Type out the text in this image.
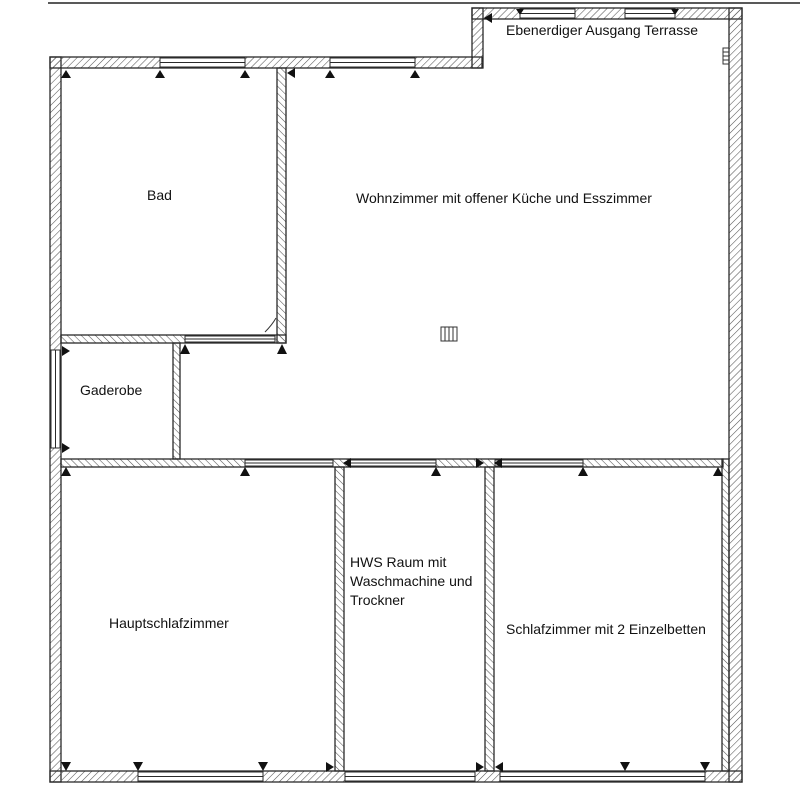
Bad	Wohnzimmer mit offener Küche und Esszimmer
Ebenerdiger Ausgang Terrasse
Gaderobe
Hauptschlafzimmer
HWS Raum mit
Waschmachine und
Trockner
Schlafzimmer mit 2 Einzelbetten
